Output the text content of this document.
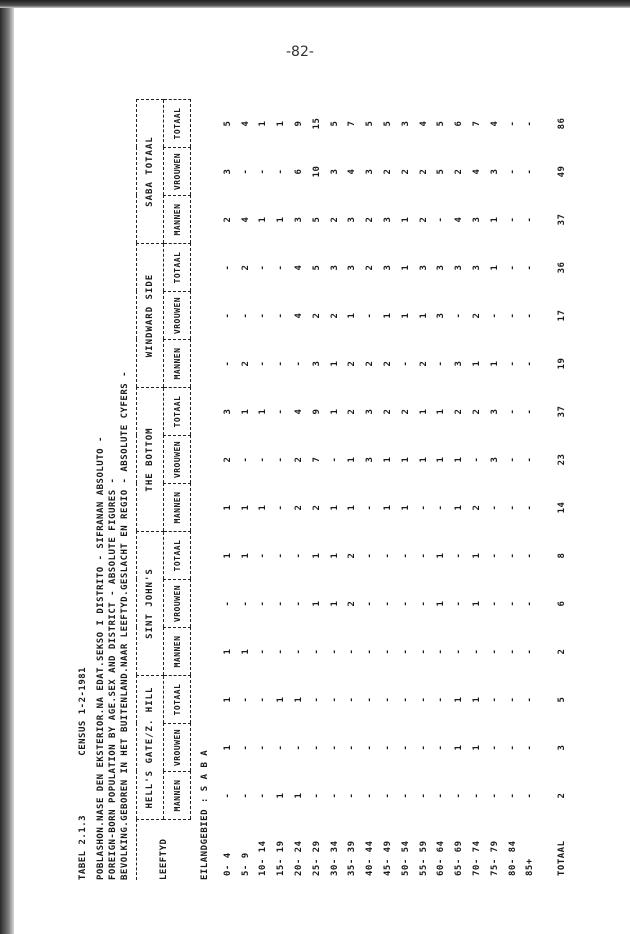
-82-
TABEL 2.1.3          CENSUS 1-2-1981 POBLASHON.NASE DEN EKSTERIOR.NA EDAT.SEKSO I DISTRITO - SIFRANAN ABSOLUTO - FOREIGN-BORN POPULATION BY AGE.SEX AND DISTRICT - ABSOLUTE FIGURES - BEVOLKING.GEBOREN IN HET BUITENLAND.NAAR LEEFTYD.GESLACHT EN REGIO - ABSOLUTE CYFERS -	LEEFTYD	HELL'S GATE/Z. HILL			SINT JOHN'S			THE BOTTOM			WINDWARD SIDE			SABA TOTAAL		
	MANNEN	VROUWEN	TOTAAL	MANNEN	VROUWEN	TOTAAL	MANNEN	VROUWEN	TOTAAL	MANNEN	VROUWEN	TOTAAL	MANNEN	VROUWEN	TOTAAL
EILANDGEBIED : S A B A															
0- 4	-	1	1	1	-	1	1	2	3	-	-	-	2	3	5
5- 9	-	-	-	1	-	1	1	-	1	2	-	2	4	-	4
10- 14	-	-	-	-	-	-	1	-	1	-	-	-	1	-	1
15- 19	1	-	1	-	-	-	-	-	-	-	-	-	1	-	1
20- 24	1	-	1	-	-	-	2	2	4	-	4	4	3	6	9
25- 29	-	-	-	-	1	1	2	7	9	3	2	5	5	10	15
30- 34	-	-	-	-	1	1	1	-	1	1	2	3	2	3	5
35- 39	-	-	-	-	2	2	1	1	2	2	1	3	3	4	7
40- 44	-	-	-	-	-	-	-	3	3	2	-	2	2	3	5
45- 49	-	-	-	-	-	-	1	1	2	2	1	3	3	2	5
50- 54	-	-	-	-	-	-	1	1	2	-	1	1	1	2	3
55- 59	-	-	-	-	-	-	-	1	1	2	1	3	2	2	4
60- 64	-	-	-	-	1	1	-	1	1	-	3	3	-	5	5
65- 69	-	1	1	-	-	-	1	1	2	3	-	3	4	2	6
70- 74	-	1	1	-	1	1	2	-	2	1	2	3	3	4	7
75- 79	-	-	-	-	-	-	-	3	3	1	-	1	1	3	4
80- 84	-	-	-	-	-	-	-	-	-	-	-	-	-	-	-
85+	-	-	-	-	-	-	-	-	-	-	-	-	-	-	-

TOTAAL	2	3	5	2	6	8	14	23	37	19	17	36	37	49	86
